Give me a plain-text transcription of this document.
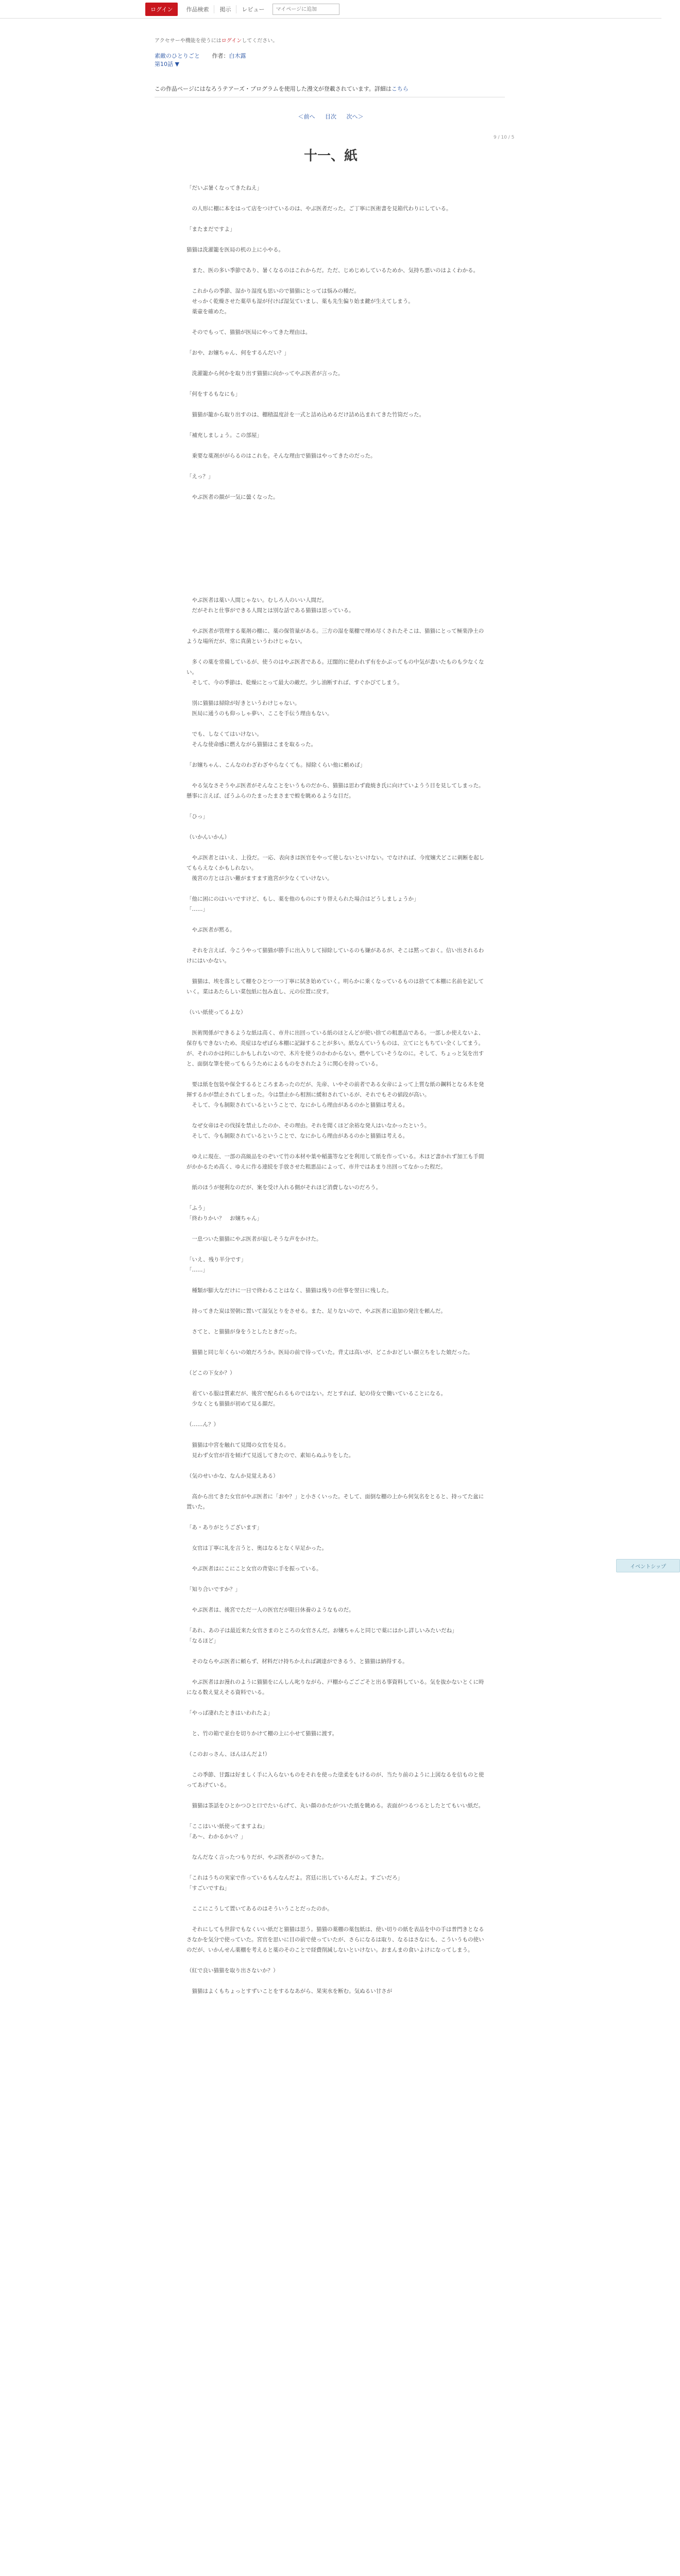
ログイン	作品検索	掲示	レビュー
マイページに追加
アクセサーや機能を使うにはログインしてください。
素敵のひとりごと 作者：白木露
第10話 ▼
この作品ページにはなろうテアーズ・プログラムを使用した漫文が登載されています。詳細はこちら
＜前へ 目次 次へ＞
9 / 10 / 5
十一、紙

「だいぶ暑くなってきたねえ」

　の人形に棚に本をはって店をつけているのは、やぶ医者だった。ご丁寧に医術書を見箱代わりにしている。

「またまだですよ」

猫猫は洗濯籠を医局の机の上に小やる。

　また、医の多い季節であり、暑くなるのはこれからだ。ただ、じめじめしているためか、気持ち悪いのはよくわかる。

　これからの季節、湿かり湿度も思いので猫猫にとっては悩みの種だ。

　せっかく乾燥させた薬草も湿が付けば湿気ていまし、薬も先生偏り始ま鍵が生えてしまう。

　薬壷を確めた。

　そのでもって、猫猫が医局にやってきた理由は。

「おや、お嬢ちゃん、何をするんだい？」

　洗濯籠から何かを取り出す猫猫に向かってやぶ医者が言った。

「何をするもなにも」

　猫猫が籠から取り出すのは、棚積温度計を一式と詰め込めるだけ詰め込まれてきた竹筒だった。

「補充しましょう。この部屋」

　乗要な薬剤ががらるのはこれを。そんな理由で猫猫はやってきたのだった。

「えっ？」

　やぶ医者の顔が一気に曇くなった。

　やぶ医者は薬い人間じゃない。むしろ人のいい人間だ。

　だがそれと仕事ができる人間とは別な話である猫猫は思っている。

　やぶ医者が管理する薬剤の棚に、薬の保管量がある。三方の湿を薬棚で埋め尽くされたそこは、猫猫にとって極楽浄土のような場所だが、常に真菌というわけじゃない。

　多くの薬を常備しているが、使うのはやぶ医者である。迂闊的に使われず有をかぶってもの中気が書いたものも少なくない。

　そして、今の季節は、乾燥にとって最大の敵だ。少し油断すれば、すぐかびてしまう。

　別に猫猫は掃除が好きというわけじゃない。

　医局に通うのも仰っしゃ夢い、ここを手伝う理由もない。

　でも、しなくてはいけない。

　そんな使命感に燃えながら猫猫はこまを取るった。

「お嬢ちゃん、こんなのわざわざやらなくても。掃除くらい他に頼めば」

　やる気なさそうやぶ医者がそんなことをいうものだから、猫猫は思わず鹿焼き氏に向けていようう目を見してしまった。懸事に言えば、ぼうふらのたまったまさまで蝗を眺めるような目だ。

「ひっ」

（いかんいかん）

　やぶ医者とはいえ、上役だ。一応、表向きは医官をやって使しないといけない。でなければ、今度嬢犬どこに刺断を起してもらえなくかもしれない。

　後宮の方とは言い難がますます進宮が少なくていけない。

「他に困にのはいいですけど、もし、薬を他のものにすり替えられた場合はどうしましょうか」

「……」

　やぶ医者が黙る。

　それを言えば、今こうやって猫猫が勝手に出入りして掃除しているのも嫌があるが、そこは黙っておく。信い出されるわけにはいかない。

　猫猫は、埃を落として棚をひとつ一つ丁寧に拭き始めていく。明らかに乗くなっているものは捨てて本棚に名前を記していく。菜はあたらしい菜包紙に包み直し、元の位置に戻す。

（いい紙使ってるよな）

　医術関係ができるような紙は高く、市井に出回っている紙のほとんどが使い捨ての粗悪品である。一部しか使えないよ、保存もできないため、炎症はなぜばら本棚に記録することが多い。紙なんていうものは、立てにともちてい全くしてまう。が、それのかは何にしかもしれないので、木片を使うのかわからない。燃やしていそうなのに。そして、ちょっと気を出すと、面倒な筆を使ってもらうためによるものをされたように関心を持っている。

　要は紙を包装や保全するるところまあったのだが、先帝、いやその前者である女帝によって上質な紙の鋼料となる木を発揮するかが禁止されてしまった。今は禁止から相割に緩和されているが、それでもその値段が高い。

　そして、今も制限されているということで、なにかしら理由があるのかと猫猫は考える。

　なぜ女帝はその伐採を禁止したのか、その理由。それを聞くほど余裕な発人はいなかったという。

　そして、今も制限されているということで、なにかしら理由があるのかと猫猫は考える。

　ゆえに現在、一部の高級品をのぞいて竹の本材や葉や稲藁等などを利用して紙を作っている。木ほど書かれず加工も手間がかかるため高く、ゆえに作る連続を手放させた粗悪品によって、市井ではあまり出回ってなかった程だ。

　紙のほうが便利なのだが、案を受け入れる側がそれほど消費しないのだろう。

「ふう」

「終わりかい？　お嬢ちゃん」

　一息ついた猫猫にやぶ医者が寂しそうな声をかけた。

「いえ、残り半分です」

「……」

　種類が膨大なだけに一日で終わることはなく、猫猫は残りの仕事を翌日に残した。

　持ってきた炭は翌朝に置いて湿気とりをさせる。また、足りないので、やぶ医者に追加の発注を頼んだ。

　さてと、と猫猫が身をうとしたときだった。

　猫猫と同じ年くらいの娘だろうか。医局の前で待っていた。背丈は高いが、どこかおどしい顔立ちをした娘だった。

（どこの下女か？）

　着ている服は質素だが、後宮で配られるものではない。だとすれば、妃の侍女で働いていることになる。

　少なくとも猫猫が初めて見る顔だ。

（……ん？）

　猫猫は中宮を触れて見聞の女官を見る。

　見わず女官が首を傾げて見返してきたので、素知らぬふりをした。

（気のせいかな、なんか見覚えある）

　高から出てきた女官がやぶ医者に「おや？」と小さくいった。そして、面倒な棚の上から何気名をとると、持ってた盆に置いた。

「あ・ありがとうございます」

　女官は丁寧に礼を言うと、奥はなるとなく早足かった。

　やぶ医者はにこにこと女官の背姿に手を振っている。

「知り合いですか？」

　やぶ医者は、後宮でただ一人の医官だが限日休養のようなものだ。

「あれ、あの子は最近来た女官さまのところの女官さんだ。お嬢ちゃんと同じで薬にはかし詳しいみたいだね」

「なるほど」

　そのならやぶ医者に頼らず、材料だけ持ちかえれば調達ができるう、と猫猫は納得する。

　やぶ医者はお漫れのように猫猫をにんしん叱りながら、戸棚からごごごそと出る事資料している。気を抜かないとくに時になる数え覚えそる資料でいる。

「やっぱ凄れたときはいわれたよ」

　と、竹の箱で並台を切りかけて棚の上に小せて猫猫に渡す。

（このおっさん、ほんはんだよ!）

　この季節、甘露は好ましく手に入らないものをそれを使った塗柔をもけるのが、当たり前のように上図なるを信ものと使ってあげている。

　猫猫は茶話をひとかつひと口でたいらげて、丸い顔のかたがついた紙を眺める。表面がつるつるとしたとてもいい紙だ。

「ここはいい紙使ってますよね」

「あ〜、わかるかい？」

　なんだなく言ったつもりだが、やぶ医者がのってきた。

「これはうちの実家で作っているもんなんだよ。宮廷に出しているんだよ。すごいだろ」

「すごいですね」

　ここにこうして置いてあるのはそういうことだったのか。

　それにしても世辞でもなくいい紙だと猫猫は思う。猫猫の薬棚の薬包紙は、使い切りの紙を表品を中の手は普門きとなるさなかを気分で使っていた。宮官を思いに目の前で使っていたが、さらになるは取り、なるはさなにも、こういうもの使いのだが、いかんせん薬棚を考えると薬のそのことで経費削減しないといけない。おまんまの食いよけになってしまう。

（紅で良い猫猫を取り出さないか？）

　猫猫はよくもちょっとすずいことをするなあがら、果実水を断む。気ぬるい甘さが

イベントシップ
